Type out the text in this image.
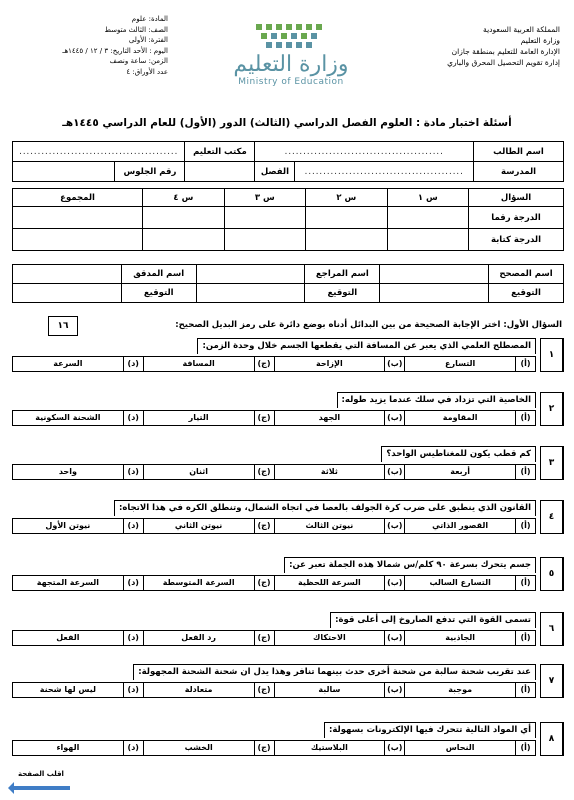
المملكة العربية السعودية
وزارة التعليم
الإدارة العامة للتعليم بمنطقة جازان
إدارة تقويم التحصيل المحرق والباري
وزارة التعليم
Ministry of Education
المادة: علوم
الصف: الثالث متوسط
الفترة: الأولى
اليوم : الأحد التاريخ: ٣ / ١٢ / ١٤٤٥هـ
الزمن: ساعة ونصف
عدد الأوراق: ٤
أسئلة اختبار مادة : العلوم الفصل الدراسي (الثالث) الدور (الأول) للعام الدراسي ١٤٤٥هـ
اسم الطالب	...........................................		مكتب التعليم	...........................................	
المدرسة	...........................................	الفصل		رقم الجلوس	
السؤال	س ١	س ٢	س ٣	س ٤	المجموع
الدرجة رقما					
الدرجة كتابة					
اسم المصحح		اسم المراجع		اسم المدقق	
التوقيع		التوقيع		التوقيع	
السؤال الأول: اختر الإجابة الصحيحة من بين البدائل أدناه بوضع دائرة على رمز البديل الصحيح:
١٦
١
المصطلح العلمي الذي يعبر عن المسافة التي يقطعها الجسم خلال وحدة الزمن:
(أ)
التسارع
(ب)
الإزاحة
(ج)
المسافة
(د)
السرعة
٢
الخاصية التي تزداد في سلك عندما يزيد طوله:
(أ)
المقاومة
(ب)
الجهد
(ج)
التيار
(د)
الشحنة السكونية
٣
كم قطب يكون للمغناطيس الواحد؟
(أ)
أربعة
(ب)
ثلاثة
(ج)
اثنان
(د)
واحد
٤
القانون الذي ينطبق على ضرب كرة الجولف بالعصا في اتجاه الشمال، وتنطلق الكره في هذا الاتجاه:
(أ)
القصور الذاتي
(ب)
نيوتن الثالث
(ج)
نيوتن الثاني
(د)
نيوتن الأول
٥
جسم يتحرك بسرعة ٩٠ كلم/س شمالا هذه الجملة تعبر عن:
(أ)
التسارع السالب
(ب)
السرعة اللحظية
(ج)
السرعة المتوسطة
(د)
السرعة المتجهة
٦
تسمى القوة التي تدفع الصاروخ إلى أعلى قوة:
(أ)
الجاذبية
(ب)
الاحتكاك
(ج)
رد الفعل
(د)
الفعل
٧
عند تقريب شحنة سالبة من شحنة أخرى حدث بينهما تنافر وهذا يدل ان شحنة الشحنة المجهولة:
(أ)
موجبة
(ب)
سالبة
(ج)
متعادلة
(د)
ليس لها شحنة
٨
أي المواد التالية تتحرك فيها الإلكترونات بسهولة:
(أ)
النحاس
(ب)
البلاستيك
(ج)
الخشب
(د)
الهواء
اقلب الصفحة
